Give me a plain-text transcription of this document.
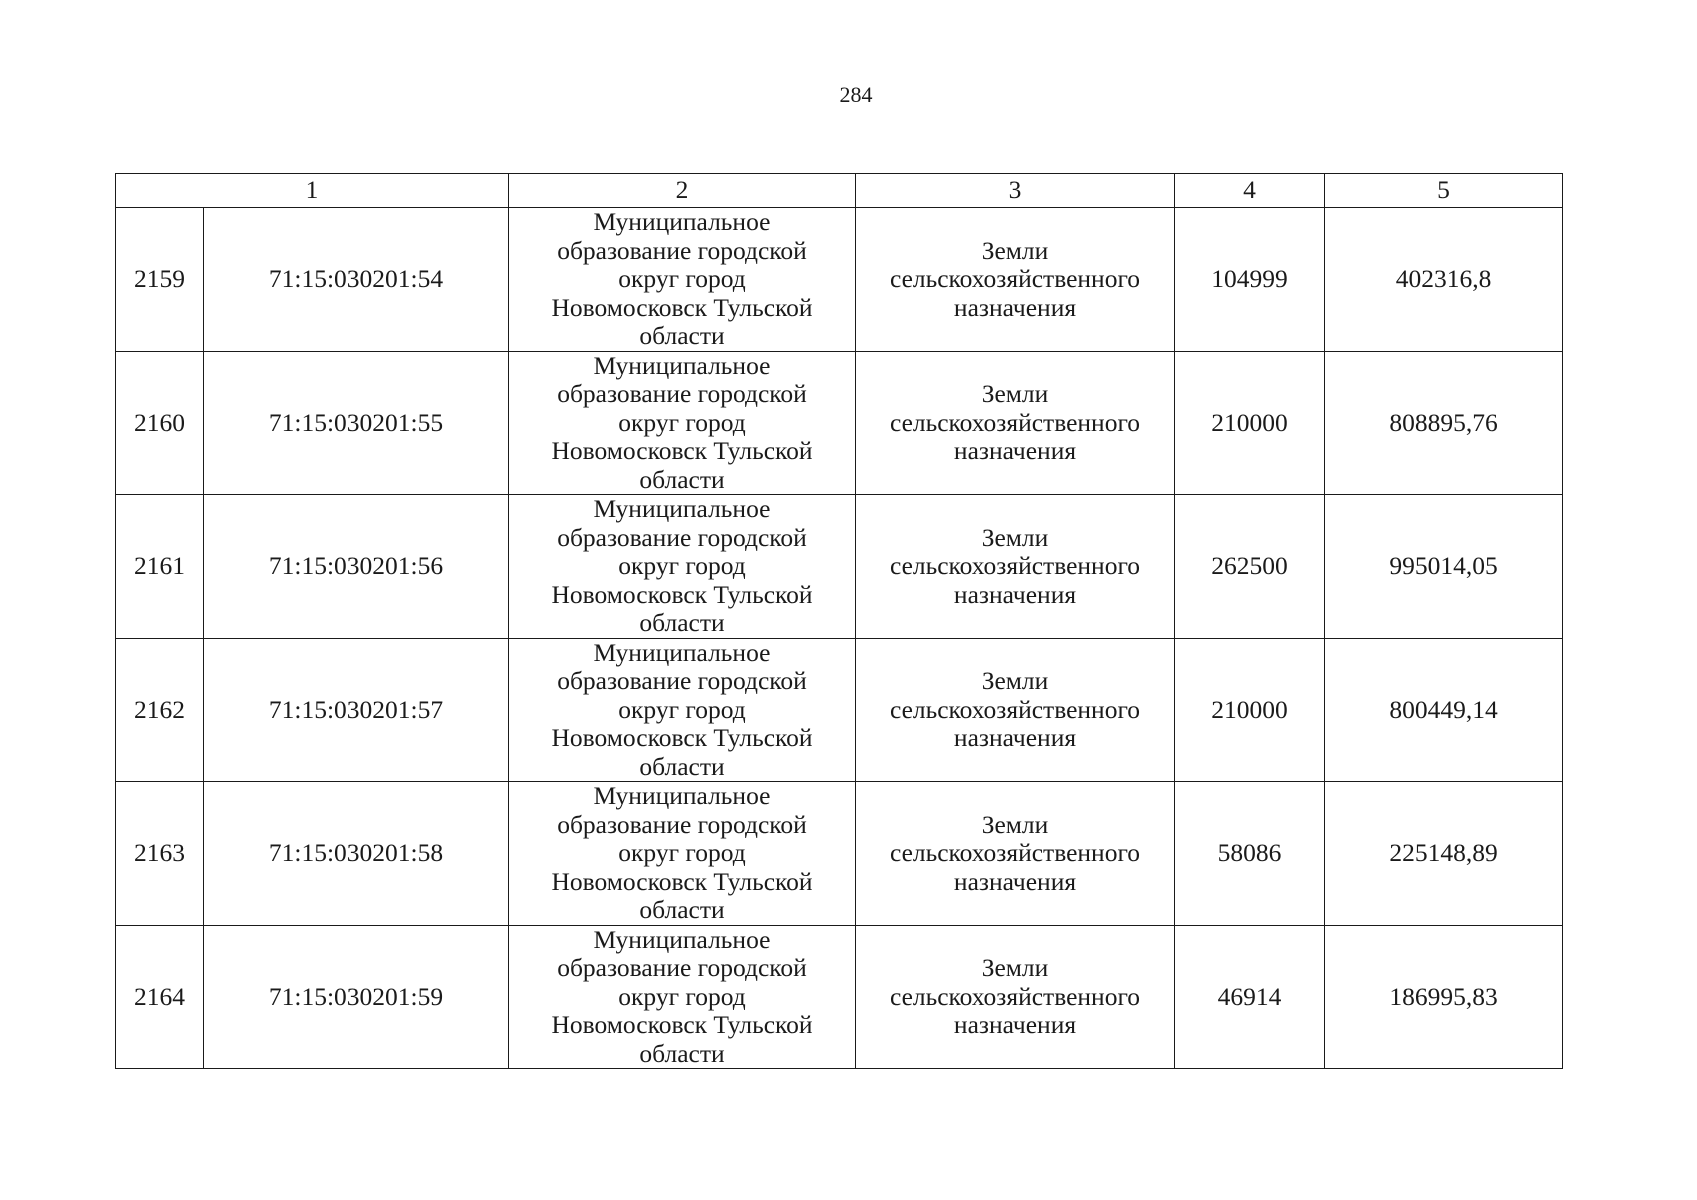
284
1		2	3	4	5
2159	71:15:030201:54	Муниципальное
образование городской
округ город
Новомосковск Тульской
области	Земли
сельскохозяйственного
назначения	104999	402316,8
2160	71:15:030201:55	Муниципальное
образование городской
округ город
Новомосковск Тульской
области	Земли
сельскохозяйственного
назначения	210000	808895,76
2161	71:15:030201:56	Муниципальное
образование городской
округ город
Новомосковск Тульской
области	Земли
сельскохозяйственного
назначения	262500	995014,05
2162	71:15:030201:57	Муниципальное
образование городской
округ город
Новомосковск Тульской
области	Земли
сельскохозяйственного
назначения	210000	800449,14
2163	71:15:030201:58	Муниципальное
образование городской
округ город
Новомосковск Тульской
области	Земли
сельскохозяйственного
назначения	58086	225148,89
2164	71:15:030201:59	Муниципальное
образование городской
округ город
Новомосковск Тульской
области	Земли
сельскохозяйственного
назначения	46914	186995,83
